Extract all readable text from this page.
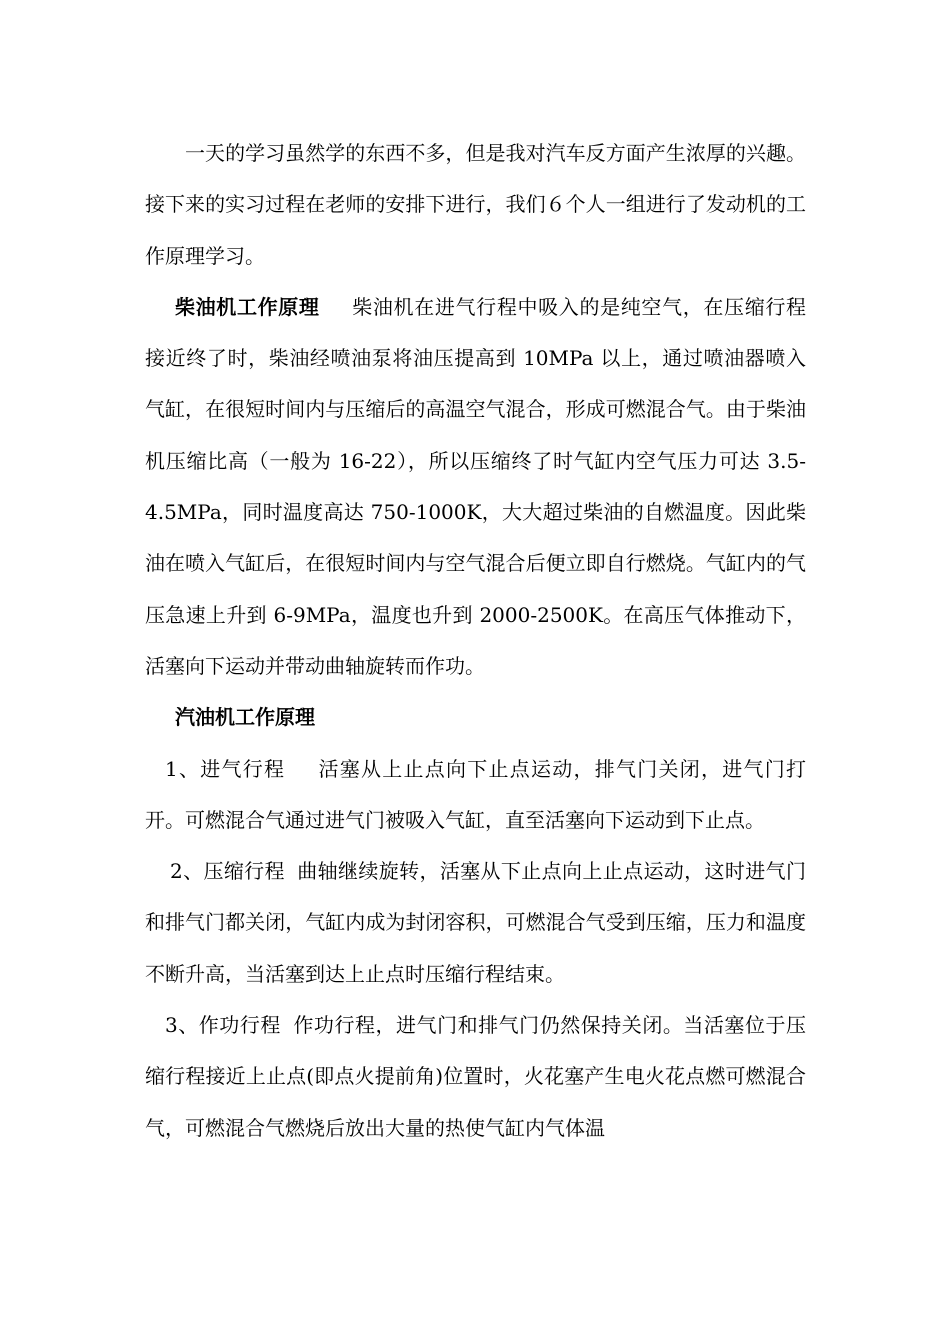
一天的学习虽然学的东西不多，但是我对汽车反方面产生浓厚的兴趣。接下来的实习过程在老师的安排下进行，我们６个人一组进行了发动机的工作原理学习。

柴油机工作原理 柴油机在进气行程中吸入的是纯空气，在压缩行程接近终了时，柴油经喷油泵将油压提高到 10MPa 以上，通过喷油器喷入气缸，在很短时间内与压缩后的高温空气混合，形成可燃混合气。由于柴油机压缩比高（一般为 16-22），所以压缩终了时气缸内空气压力可达 3.5-4.5MPa，同时温度高达 750-1000K，大大超过柴油的自燃温度。因此柴油在喷入气缸后，在很短时间内与空气混合后便立即自行燃烧。气缸内的气压急速上升到 6-9MPa，温度也升到 2000-2500K。在高压气体推动下，活塞向下运动并带动曲轴旋转而作功。

汽油机工作原理

1、进气行程 活塞从上止点向下止点运动，排气门关闭，进气门打开。可燃混合气通过进气门被吸入气缸，直至活塞向下运动到下止点。

2、压缩行程 曲轴继续旋转，活塞从下止点向上止点运动，这时进气门和排气门都关闭，气缸内成为封闭容积，可燃混合气受到压缩，压力和温度不断升高，当活塞到达上止点时压缩行程结束。

3、作功行程 作功行程，进气门和排气门仍然保持关闭。当活塞位于压缩行程接近上止点(即点火提前角)位置时，火花塞产生电火花点燃可燃混合气，可燃混合气燃烧后放出大量的热使气缸内气体温
